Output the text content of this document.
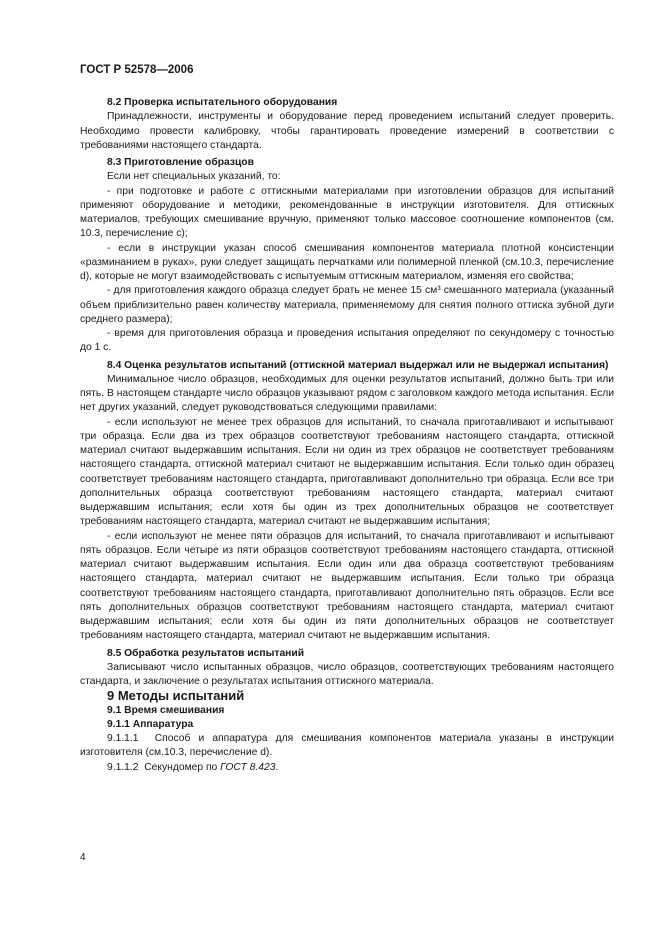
ГОСТ Р 52578—2006

8.2 Проверка испытательного оборудования

Принадлежности, инструменты и оборудование перед проведением испытаний следует проверить. Необходимо провести калибровку, чтобы гарантировать проведение измерений в соответствии с требованиями настоящего стандарта.

8.3 Приготовление образцов

Если нет специальных указаний, то:

- при подготовке и работе с оттискными материалами при изготовлении образцов для испытаний применяют оборудование и методики, рекомендованные в инструкции изготовителя. Для оттискных материалов, требующих смешивание вручную, применяют только массовое соотношение компонентов (см. 10.3, перечисление с);

- если в инструкции указан способ смешивания компонентов материала плотной консистенции «разминанием в руках», руки следует защищать перчатками или полимерной пленкой (см.10.3, перечисление d), которые не могут взаимодействовать с испытуемым оттискным материалом, изменяя его свойства;

- для приготовления каждого образца следует брать не менее 15 см³ смешанного материала (указанный объем приблизительно равен количеству материала, применяемому для снятия полного оттиска зубной дуги среднего размера);

- время для приготовления образца и проведения испытания определяют по секундомеру с точностью до 1 с.

8.4 Оценка результатов испытаний (оттискной материал выдержал или не выдержал испытания)

Минимальное число образцов, необходимых для оценки результатов испытаний, должно быть три или пять. В настоящем стандарте число образцов указывают рядом с заголовком каждого метода испытания. Если нет других указаний, следует руководствоваться следующими правилами:

- если используют не менее трех образцов для испытаний, то сначала приготавливают и испытывают три образца. Если два из трех образцов соответствуют требованиям настоящего стандарта, оттискной материал считают выдержавшим испытания. Если ни один из трех образцов не соответствует требованиям настоящего стандарта, оттискной материал считают не выдержавшим испытания. Если только один образец соответствует требованиям настоящего стандарта, приготавливают дополнительно три образца. Если все три дополнительных образца соответствуют требованиям настоящего стандарта, материал считают выдержавшим испытания; если хотя бы один из трех дополнительных образцов не соответствует требованиям настоящего стандарта, материал считают не выдержавшим испытания;

- если используют не менее пяти образцов для испытаний, то сначала приготавливают и испытывают пять образцов. Если четыре из пяти образцов соответствуют требованиям настоящего стандарта, оттискной материал считают выдержавшим испытания. Если один или два образца соответствуют требованиям настоящего стандарта, материал считают не выдержавшим испытания. Если только три образца соответствуют требованиям настоящего стандарта, приготавливают дополнительно пять образцов. Если все пять дополнительных образцов соответствуют требованиям настоящего стандарта, материал считают выдержавшим испытания; если хотя бы один из пяти дополнительных образцов не соответствует требованиям настоящего стандарта, материал считают не выдержавшим испытания.

8.5 Обработка результатов испытаний

Записывают число испытанных образцов, число образцов, соответствующих требованиям настоящего стандарта, и заключение о результатах испытания оттискного материала.

9 Методы испытаний

9.1 Время смешивания

9.1.1 Аппаратура

9.1.1.1 Способ и аппаратура для смешивания компонентов материала указаны в инструкции изготовителя (см.10.3, перечисление d).

9.1.1.2 Секундомер по ГОСТ 8.423.

4
